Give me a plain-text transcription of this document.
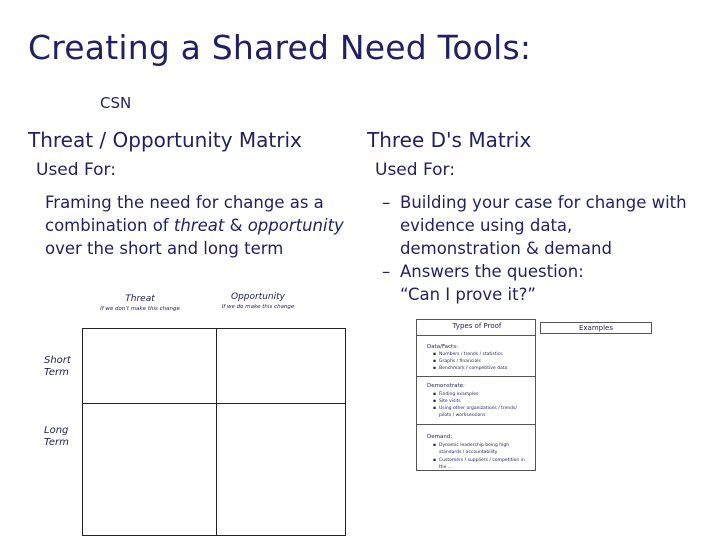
Creating a Shared Need Tools:
CSN
Threat / Opportunity Matrix
Used For:
Framing the need for change as a
combination of threat & opportunity
over the short and long term
Threat
If we don't make this change
Opportunity
If we do make this change
Short
Term
Long
Term
Three D's Matrix
Used For:
– Building your case for change with
evidence using data,
demonstration & demand
– Answers the question:
“Can I prove it?”
Examples
Types of Proof
Data/Facts:
▪ Numbers / trends / statistics
▪ Graphs / financials
▪ Benchmark / competitive data
Demonstrate:
▪ Finding examples
▪ Site visits
▪ Using other organizations / trends/
pilots / worksessions
Demand:
▪ Dynamic leadership being high
standards / accountability
▪ Customers / suppliers / competition in
the ...
